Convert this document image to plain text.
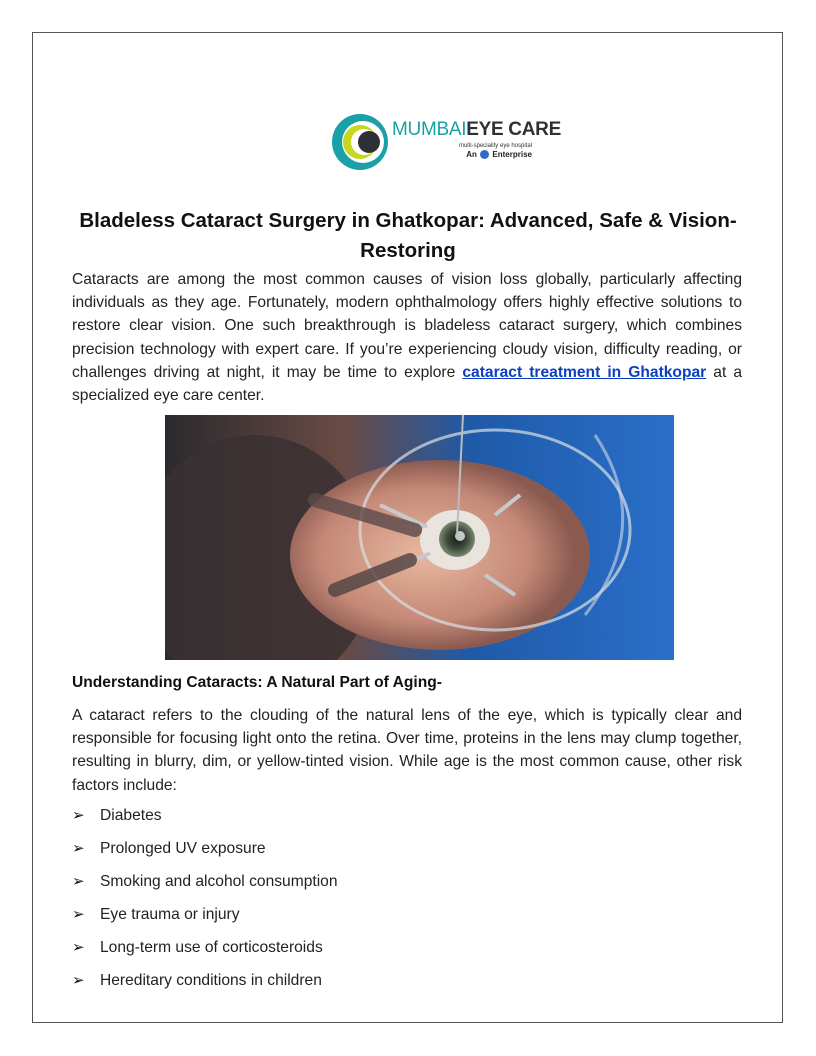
MUMBAIEYE CARE
multi-speciality eye hospital
An Enterprise
Bladeless Cataract Surgery in Ghatkopar: Advanced, Safe & Vision-Restoring

Cataracts are among the most common causes of vision loss globally, particularly affecting individuals as they age. Fortunately, modern ophthalmology offers highly effective solutions to restore clear vision. One such breakthrough is bladeless cataract surgery, which combines precision technology with expert care. If you’re experiencing cloudy vision, difficulty reading, or challenges driving at night, it may be time to explore cataract treatment in Ghatkopar at a specialized eye care center.

Understanding Cataracts: A Natural Part of Aging-

A cataract refers to the clouding of the natural lens of the eye, which is typically clear and responsible for focusing light onto the retina. Over time, proteins in the lens may clump together, resulting in blurry, dim, or yellow-tinted vision. While age is the most common cause, other risk factors include:

➢ Diabetes
➢ Prolonged UV exposure
➢ Smoking and alcohol consumption
➢ Eye trauma or injury
➢ Long-term use of corticosteroids
➢ Hereditary conditions in children
